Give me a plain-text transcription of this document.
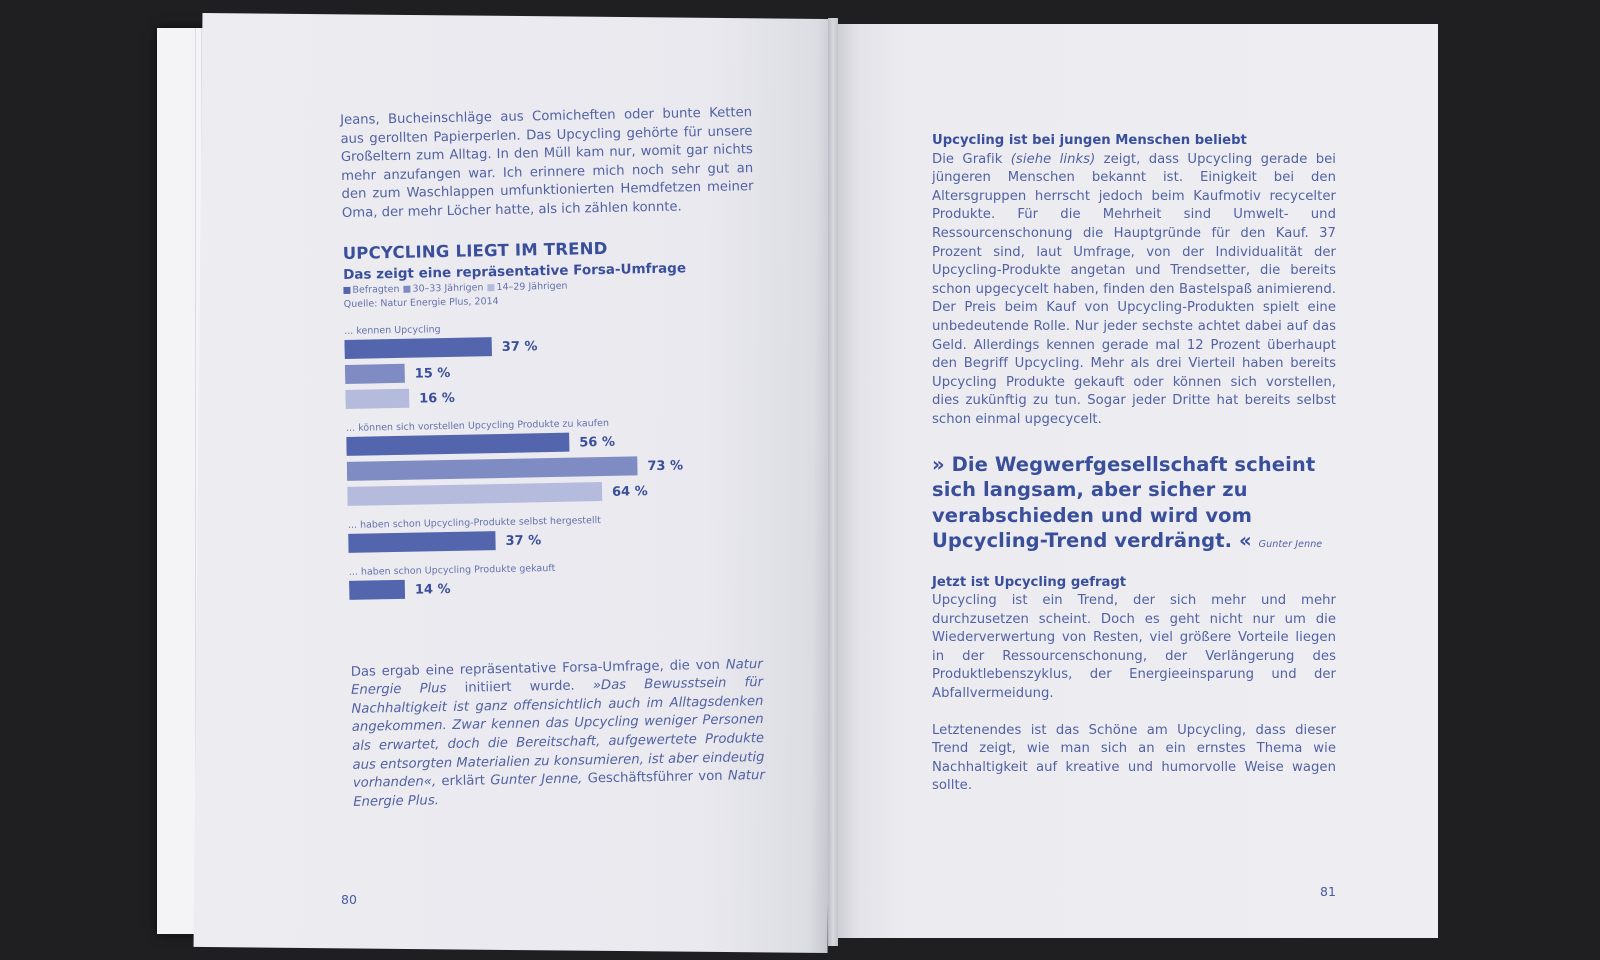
Jeans, Bucheinschläge aus Comicheften oder bunte Ketten aus gerollten Papierperlen. Das Upcycling gehörte für unsere Großeltern zum Alltag. In den Müll kam nur, womit gar nichts mehr anzufangen war. Ich erinnere mich noch sehr gut an den zum Waschlappen umfunktionierten Hemdfetzen meiner Oma, der mehr Löcher hatte, als ich zählen konnte.

UPCYCLING LIEGT IM TREND
Das zeigt eine repräsentative Forsa-Umfrage
Befragten	30–33 Jährigen	14–29 Jährigen
Quelle: Natur Energie Plus, 2014
... kennen Upcycling
37 %
15 %
16 %
... können sich vorstellen Upcycling Produkte zu kaufen
56 %
73 %
64 %
... haben schon Upcycling-Produkte selbst hergestellt
37 %
... haben schon Upcycling Produkte gekauft
14 %

Das ergab eine repräsentative Forsa-Umfrage, die von Natur Energie Plus initiiert wurde. »Das Bewusstsein für Nachhaltigkeit ist ganz offensichtlich auch im Alltagsdenken angekommen. Zwar kennen das Upcycling weniger Personen als erwartet, doch die Bereitschaft, aufgewertete Produkte aus entsorgten Materialien zu konsumieren, ist aber eindeutig vorhanden«, erklärt Gunter Jenne, Geschäftsführer von Natur Energie Plus.

80

Upcycling ist bei jungen Menschen beliebt

Die Grafik (siehe links) zeigt, dass Upcycling gerade bei jüngeren Menschen bekannt ist. Einigkeit bei den Altersgruppen herrscht jedoch beim Kaufmotiv recycelter Produkte. Für die Mehrheit sind Umwelt- und Ressourcenschonung die Hauptgründe für den Kauf. 37 Prozent sind, laut Umfrage, von der Individualität der Upcycling-Produkte angetan und Trendsetter, die bereits schon upgecycelt haben, finden den Bastelspaß animierend. Der Preis beim Kauf von Upcycling-Produkten spielt eine unbedeutende Rolle. Nur jeder sechste achtet dabei auf das Geld. Allerdings kennen gerade mal 12 Prozent überhaupt den Begriff Upcycling. Mehr als drei Vierteil haben bereits Upcycling Produkte gekauft oder können sich vorstellen, dies zukünftig zu tun. Sogar jeder Dritte hat bereits selbst schon einmal upgecycelt.

» Die Wegwerfgesellschaft scheint sich langsam, aber sicher zu verabschieden und wird vom Upcycling-Trend verdrängt. « Gunter Jenne

Jetzt ist Upcycling gefragt

Upcycling ist ein Trend, der sich mehr und mehr durchzusetzen scheint. Doch es geht nicht nur um die Wiederverwertung von Resten, viel größere Vorteile liegen in der Ressourcenschonung, der Verlängerung des Produktlebenszyklus, der Energieeinsparung und der Abfallvermeidung.

Letztenendes ist das Schöne am Upcycling, dass dieser Trend zeigt, wie man sich an ein ernstes Thema wie Nachhaltigkeit auf kreative und humorvolle Weise wagen sollte.

81
